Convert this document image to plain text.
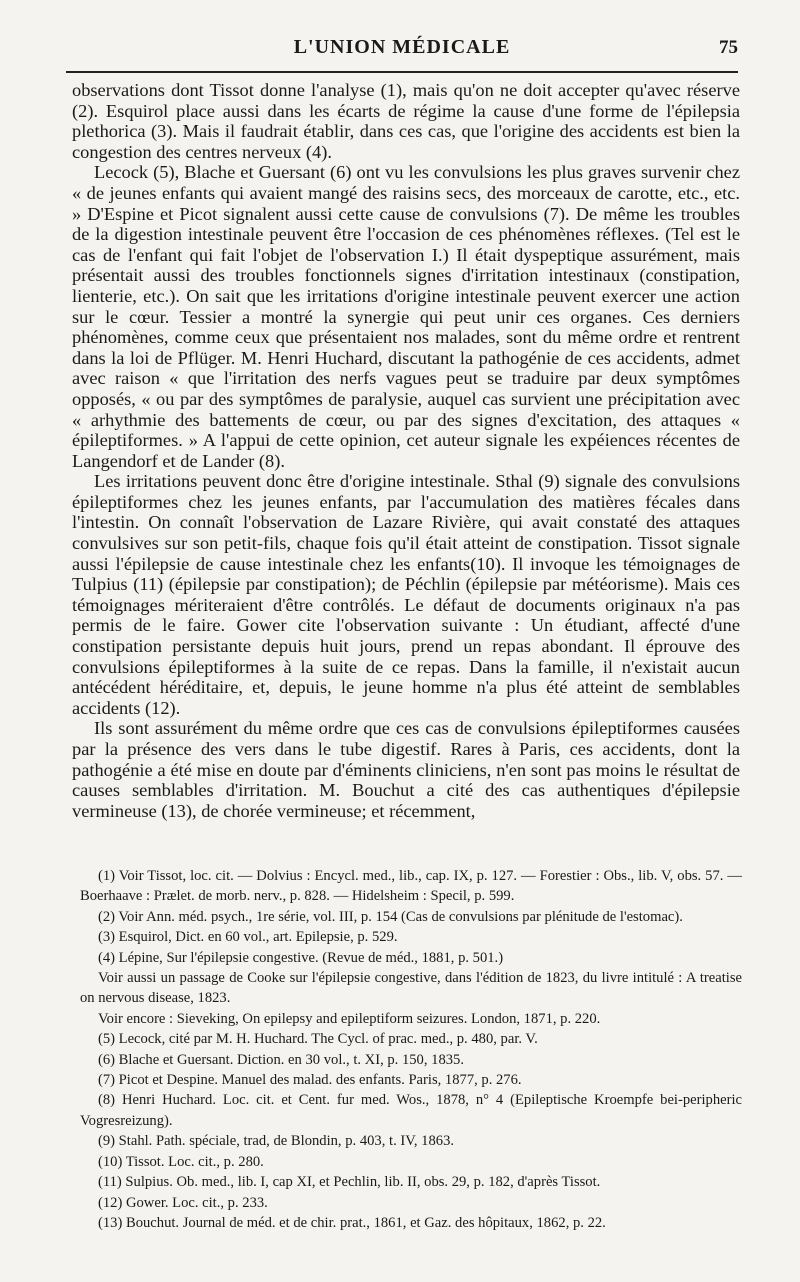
L'UNION MÉDICALE	75

observations dont Tissot donne l'analyse (1), mais qu'on ne doit accepter qu'avec réserve (2). Esquirol place aussi dans les écarts de régime la cause d'une forme de l'épilepsia plethorica (3). Mais il faudrait établir, dans ces cas, que l'origine des accidents est bien la congestion des centres nerveux (4).

Lecock (5), Blache et Guersant (6) ont vu les convulsions les plus graves survenir chez « de jeunes enfants qui avaient mangé des raisins secs, des morceaux de carotte, etc., etc. » D'Espine et Picot signalent aussi cette cause de convulsions (7). De même les troubles de la digestion intestinale peuvent être l'occasion de ces phénomènes réflexes. (Tel est le cas de l'enfant qui fait l'objet de l'observation I.) Il était dyspeptique assurément, mais présentait aussi des troubles fonctionnels signes d'irritation intestinaux (constipation, lienterie, etc.). On sait que les irritations d'origine intestinale peuvent exercer une action sur le cœur. Tessier a montré la synergie qui peut unir ces organes. Ces derniers phénomènes, comme ceux que présentaient nos malades, sont du même ordre et rentrent dans la loi de Pflüger. M. Henri Huchard, discutant la pathogénie de ces accidents, admet avec raison « que l'irritation des nerfs vagues peut se traduire par deux symptômes opposés, « ou par des symptômes de paralysie, auquel cas survient une précipitation avec « arhythmie des battements de cœur, ou par des signes d'excitation, des attaques « épileptiformes. » A l'appui de cette opinion, cet auteur signale les expéiences récentes de Langendorf et de Lander (8).

Les irritations peuvent donc être d'origine intestinale. Sthal (9) signale des convulsions épileptiformes chez les jeunes enfants, par l'accumulation des matières fécales dans l'intestin. On connaît l'observation de Lazare Rivière, qui avait constaté des attaques convulsives sur son petit-fils, chaque fois qu'il était atteint de constipation. Tissot signale aussi l'épilepsie de cause intestinale chez les enfants(10). Il invoque les témoignages de Tulpius (11) (épilepsie par constipation); de Péchlin (épilepsie par météorisme). Mais ces témoignages mériteraient d'être contrôlés. Le défaut de documents originaux n'a pas permis de le faire. Gower cite l'observation suivante : Un étudiant, affecté d'une constipation persistante depuis huit jours, prend un repas abondant. Il éprouve des convulsions épileptiformes à la suite de ce repas. Dans la famille, il n'existait aucun antécédent héréditaire, et, depuis, le jeune homme n'a plus été atteint de semblables accidents (12).

Ils sont assurément du même ordre que ces cas de convulsions épileptiformes causées par la présence des vers dans le tube digestif. Rares à Paris, ces accidents, dont la pathogénie a été mise en doute par d'éminents cliniciens, n'en sont pas moins le résultat de causes semblables d'irritation. M. Bouchut a cité des cas authentiques d'épilepsie vermineuse (13), de chorée vermineuse; et récemment,

(1) Voir Tissot, loc. cit. — Dolvius : Encycl. med., lib., cap. IX, p. 127. — Forestier : Obs., lib. V, obs. 57. — Boerhaave : Prælet. de morb. nerv., p. 828. — Hidelsheim : Specil, p. 599.

(2) Voir Ann. méd. psych., 1re série, vol. III, p. 154 (Cas de convulsions par plénitude de l'estomac).

(3) Esquirol, Dict. en 60 vol., art. Epilepsie, p. 529.

(4) Lépine, Sur l'épilepsie congestive. (Revue de méd., 1881, p. 501.)

Voir aussi un passage de Cooke sur l'épilepsie congestive, dans l'édition de 1823, du livre intitulé : A treatise on nervous disease, 1823.

Voir encore : Sieveking, On epilepsy and epileptiform seizures. London, 1871, p. 220.

(5) Lecock, cité par M. H. Huchard. The Cycl. of prac. med., p. 480, par. V.

(6) Blache et Guersant. Diction. en 30 vol., t. XI, p. 150, 1835.

(7) Picot et Despine. Manuel des malad. des enfants. Paris, 1877, p. 276.

(8) Henri Huchard. Loc. cit. et Cent. fur med. Wos., 1878, n° 4 (Epileptische Kroempfe bei-peripheric Vogresreizung).

(9) Stahl. Path. spéciale, trad, de Blondin, p. 403, t. IV, 1863.

(10) Tissot. Loc. cit., p. 280.

(11) Sulpius. Ob. med., lib. I, cap XI, et Pechlin, lib. II, obs. 29, p. 182, d'après Tissot.

(12) Gower. Loc. cit., p. 233.

(13) Bouchut. Journal de méd. et de chir. prat., 1861, et Gaz. des hôpitaux, 1862, p. 22.
